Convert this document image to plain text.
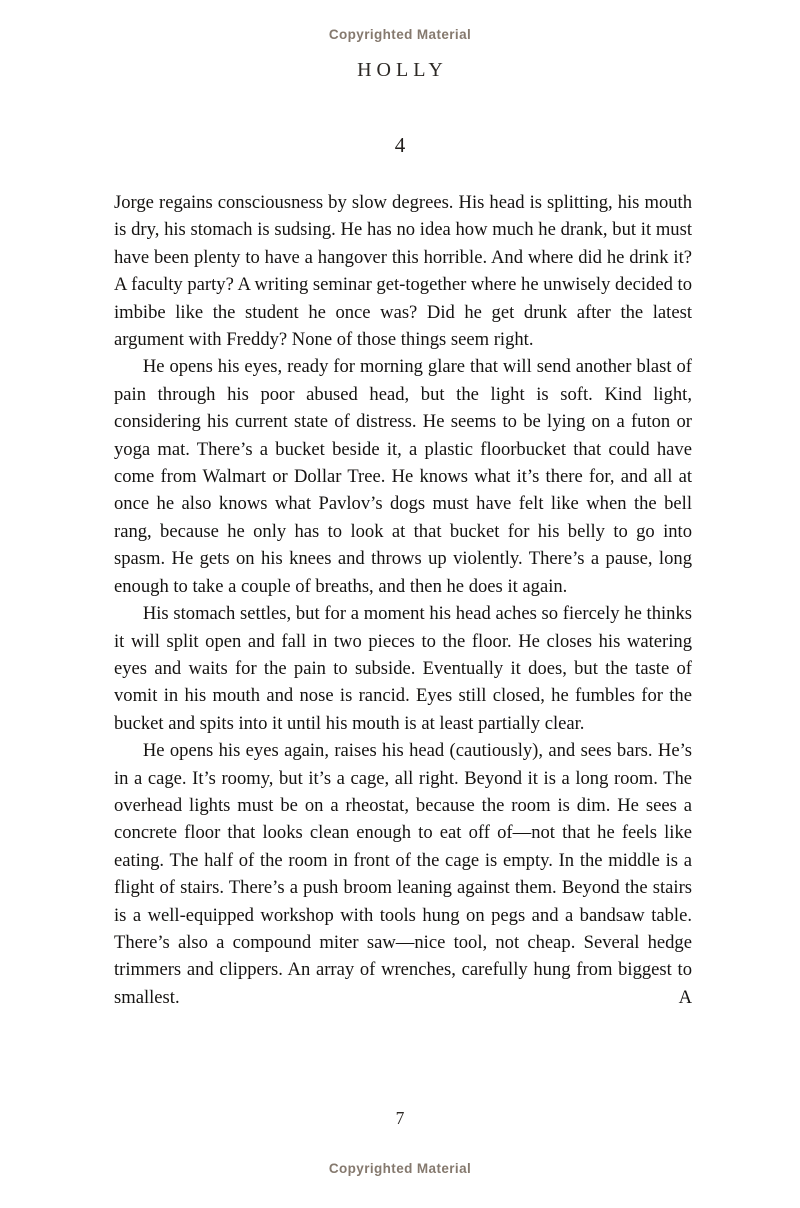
Copyrighted Material
HOLLY
4

Jorge regains consciousness by slow degrees. His head is splitting, his mouth is dry, his stomach is sudsing. He has no idea how much he drank, but it must have been plenty to have a hangover this horrible. And where did he drink it? A faculty party? A writing seminar get-together where he unwisely decided to imbibe like the student he once was? Did he get drunk after the latest argument with Freddy? None of those things seem right.

He opens his eyes, ready for morning glare that will send another blast of pain through his poor abused head, but the light is soft. Kind light, considering his current state of distress. He seems to be lying on a futon or yoga mat. There’s a bucket beside it, a plastic floorbucket that could have come from Walmart or Dollar Tree. He knows what it’s there for, and all at once he also knows what Pavlov’s dogs must have felt like when the bell rang, because he only has to look at that bucket for his belly to go into spasm. He gets on his knees and throws up violently. There’s a pause, long enough to take a couple of breaths, and then he does it again.

His stomach settles, but for a moment his head aches so fiercely he thinks it will split open and fall in two pieces to the floor. He closes his watering eyes and waits for the pain to subside. Eventually it does, but the taste of vomit in his mouth and nose is rancid. Eyes still closed, he fumbles for the bucket and spits into it until his mouth is at least partially clear.

He opens his eyes again, raises his head (cautiously), and sees bars. He’s in a cage. It’s roomy, but it’s a cage, all right. Beyond it is a long room. The overhead lights must be on a rheostat, because the room is dim. He sees a concrete floor that looks clean enough to eat off of—not that he feels like eating. The half of the room in front of the cage is empty. In the middle is a flight of stairs. There’s a push broom leaning against them. Beyond the stairs is a well-equipped workshop with tools hung on pegs and a bandsaw table. There’s also a compound miter saw—nice tool, not cheap. Several hedge trimmers and clippers. An array of wrenches, carefully hung from biggest to smallest. A

7
Copyrighted Material
